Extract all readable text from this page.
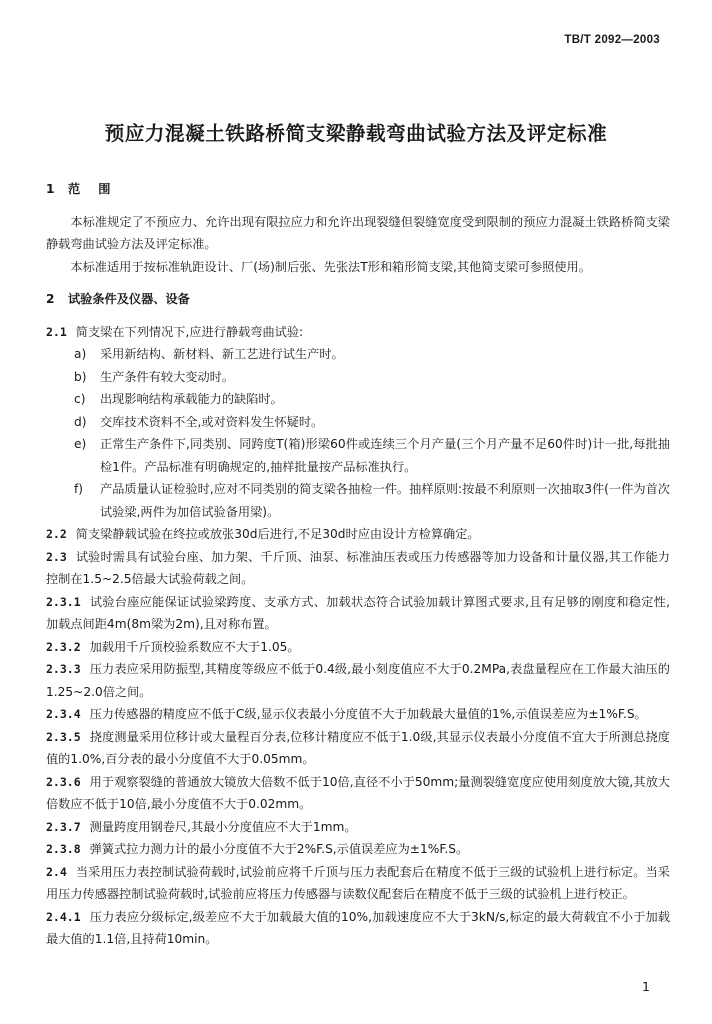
TB/T 2092—2003
预应力混凝土铁路桥简支梁静载弯曲试验方法及评定标准

1 范 围

本标准规定了不预应力、允许出现有限拉应力和允许出现裂缝但裂缝宽度受到限制的预应力混凝土铁路桥简支梁静载弯曲试验方法及评定标准。

本标准适用于按标准轨距设计、厂(场)制后张、先张法T形和箱形简支梁,其他简支梁可参照使用。

2 试验条件及仪器、设备

2.1 简支梁在下列情况下,应进行静载弯曲试验:

a) 采用新结构、新材料、新工艺进行试生产时。

b) 生产条件有较大变动时。

c) 出现影响结构承载能力的缺陷时。

d) 交库技术资料不全,或对资料发生怀疑时。

e) 正常生产条件下,同类别、同跨度T(箱)形梁60件或连续三个月产量(三个月产量不足60件时)计一批,每批抽检1件。产品标准有明确规定的,抽样批量按产品标准执行。

f) 产品质量认证检验时,应对不同类别的简支梁各抽检一件。抽样原则:按最不利原则一次抽取3件(一件为首次试验梁,两件为加倍试验备用梁)。

2.2 简支梁静载试验在终拉或放张30d后进行,不足30d时应由设计方检算确定。

2.3 试验时需具有试验台座、加力架、千斤顶、油泵、标准油压表或压力传感器等加力设备和计量仪器,其工作能力控制在1.5~2.5倍最大试验荷载之间。

2.3.1 试验台座应能保证试验梁跨度、支承方式、加载状态符合试验加载计算图式要求,且有足够的刚度和稳定性,加载点间距4m(8m梁为2m),且对称布置。

2.3.2 加载用千斤顶校验系数应不大于1.05。

2.3.3 压力表应采用防振型,其精度等级应不低于0.4级,最小刻度值应不大于0.2MPa,表盘量程应在工作最大油压的1.25~2.0倍之间。

2.3.4 压力传感器的精度应不低于C级,显示仪表最小分度值不大于加载最大量值的1%,示值误差应为±1%F.S。

2.3.5 挠度测量采用位移计或大量程百分表,位移计精度应不低于1.0级,其显示仪表最小分度值不宜大于所测总挠度值的1.0%,百分表的最小分度值不大于0.05mm。

2.3.6 用于观察裂缝的普通放大镜放大倍数不低于10倍,直径不小于50mm;量测裂缝宽度应使用刻度放大镜,其放大倍数应不低于10倍,最小分度值不大于0.02mm。

2.3.7 测量跨度用钢卷尺,其最小分度值应不大于1mm。

2.3.8 弹簧式拉力测力计的最小分度值不大于2%F.S,示值误差应为±1%F.S。

2.4 当采用压力表控制试验荷载时,试验前应将千斤顶与压力表配套后在精度不低于三级的试验机上进行标定。当采用压力传感器控制试验荷载时,试验前应将压力传感器与读数仪配套后在精度不低于三级的试验机上进行校正。

2.4.1 压力表应分级标定,级差应不大于加载最大值的10%,加载速度应不大于3kN/s,标定的最大荷载宜不小于加载最大值的1.1倍,且持荷10min。

1
